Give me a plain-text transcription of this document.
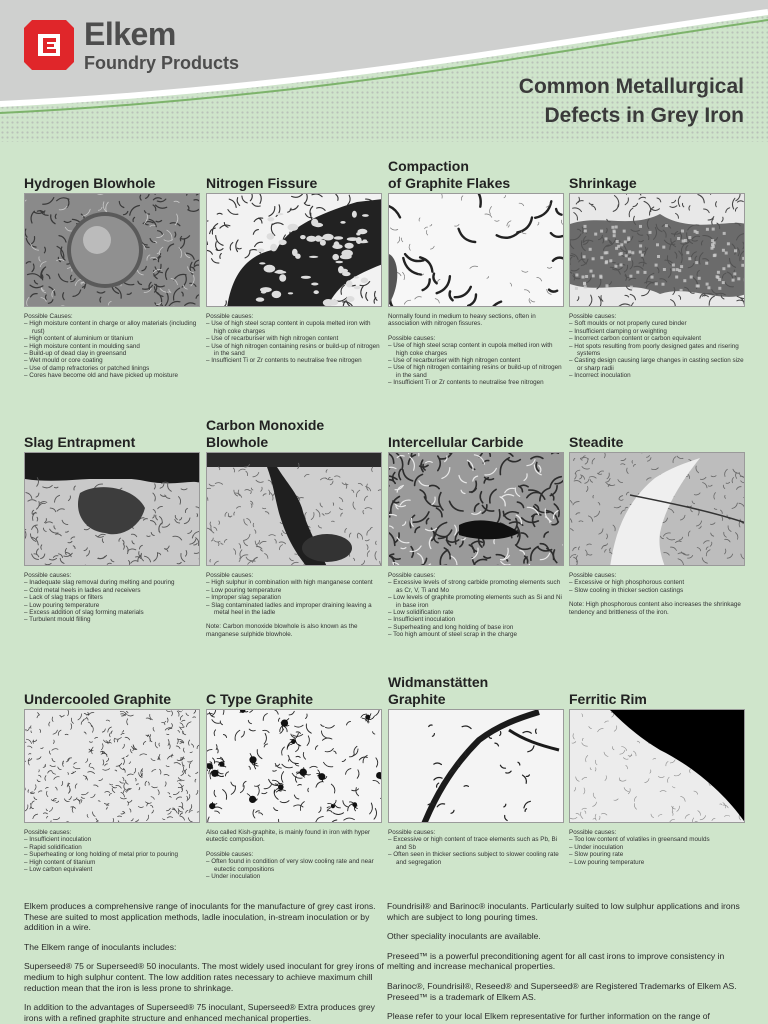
Elkem
Foundry Products
Common Metallurgical
Defects in Grey Iron
Hydrogen Blowhole
Possible Causes:
– High moisture content in charge or alloy materials (including rust)
– High content of aluminium or titanium
– High moisture content in moulding sand
– Build-up of dead clay in greensand
– Wet mould or core coating
– Use of damp refractories or patched linings
– Cores have become old and have picked up moisture
Nitrogen Fissure
Possible causes:
– Use of high steel scrap content in cupola melted iron with high coke charges
– Use of recarburiser with high nitrogen content
– Use of high nitrogen containing resins or build-up of nitrogen in the sand
– Insufficient Ti or Zr contents to neutralise free nitrogen
Compaction
of Graphite Flakes

Normally found in medium to heavy sections, often in association with nitrogen fissures.

Possible causes:
– Use of high steel scrap content in cupola melted iron with high coke charges
– Use of recarburiser with high nitrogen content
– Use of high nitrogen containing resins or build-up of nitrogen in the sand
– Insufficient Ti or Zr contents to neutralise free nitrogen
Shrinkage
Possible causes:
– Soft moulds or not properly cured binder
– Insufficient clamping or weighting
– Incorrect carbon content or carbon equivalent
– Hot spots resulting from poorly designed gates and risering systems
– Casting design causing large changes in casting section size or sharp radii
– Incorrect inoculation
Slag Entrapment
Possible causes:
– Inadequate slag removal during melting and pouring
– Cold metal heels in ladles and receivers
– Lack of slag traps or filters
– Low pouring temperature
– Excess addition of slag forming materials
– Turbulent mould filling
Carbon Monoxide
Blowhole
Possible causes:
– High sulphur in combination with high manganese content
– Low pouring temperature
– Improper slag separation
– Slag contaminated ladles and improper draining leaving a metal heel in the ladle

Note: Carbon monoxide blowhole is also known as the manganese sulphide blowhole.

Intercellular Carbide
Possible causes:
– Excessive levels of strong carbide promoting elements such as Cr, V, Ti and Mo
– Low levels of graphite promoting elements such as Si and Ni in base iron
– Low solidification rate
– Insufficient inoculation
– Superheating and long holding of base iron
– Too high amount of steel scrap in the charge
Steadite
Possible causes:
– Excessive or high phosphorous content
– Slow cooling in thicker section castings

Note: High phosphorous content also increases the shrinkage tendency and brittleness of the iron.

Undercooled Graphite
Possible causes:
– Insufficient inoculation
– Rapid solidification
– Superheating or long holding of metal prior to pouring
– High content of titanium
– Low carbon equivalent
C Type Graphite

Also called Kish-graphite, is mainly found in iron with hyper eutectic composition.

Possible causes:
– Often found in condition of very slow cooling rate and near eutectic compositions
– Under inoculation
Widmanstätten
Graphite
Possible causes:
– Excessive or high content of trace elements such as Pb, Bi and Sb
– Often seen in thicker sections subject to slower cooling rate and segregation
Ferritic Rim
Possible causes:
– Too low content of volatiles in greensand moulds
– Under inoculation
– Slow pouring rate
– Low pouring temperature

Elkem produces a comprehensive range of inoculants for the manufacture of grey cast irons. These are suited to most application methods, ladle inoculation, in-stream inoculation or by addition in a wire.

The Elkem range of inoculants includes:

Superseed® 75 or Superseed® 50 inoculants. The most widely used inoculant for grey irons of medium to high sulphur content. The low addition rates necessary to achieve maximum chill reduction mean that the iron is less prone to shrinkage.

In addition to the advantages of Superseed® 75 inoculant, Superseed® Extra produces grey irons with a refined graphite structure and enhanced mechanical properties.

Foundrisil® and Barinoc® inoculants. Particularly suited to low sulphur applications and irons which are subject to long pouring times.

Other speciality inoculants are available.

Preseed™ is a powerful preconditioning agent for all cast irons to improve consistency in melting and increase mechanical properties.

Barinoc®, Foundrisil®, Reseed® and Superseed® are Registered Trademarks of Elkem AS. Preseed™ is a trademark of Elkem AS.

Please refer to your local Elkem representative for further information on the range of
